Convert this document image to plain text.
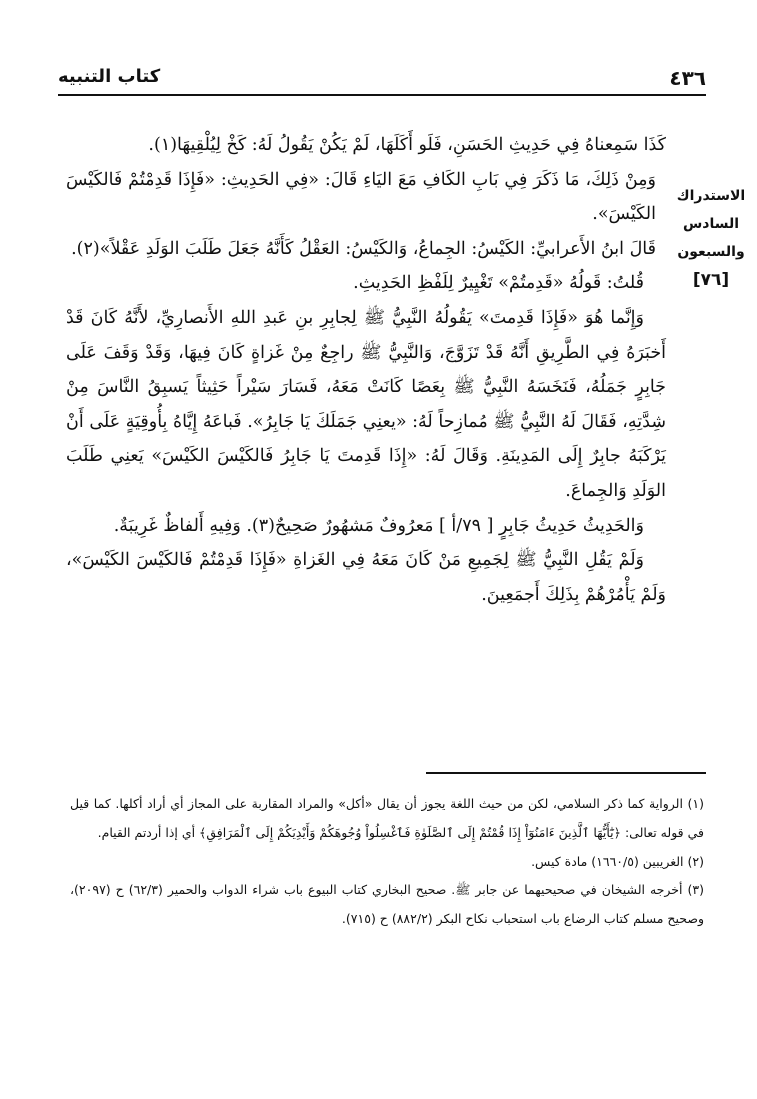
٤٣٦
كتاب التنبيه
الاستدراك
السادس
والسبعون
[٧٦]

كَذَا سَمِعناهُ فِي حَدِيثِ الحَسَنِ، فَلَو أَكَلَهَا، لَمْ يَكُنْ يَقُولُ لَهُ: كَخْ لِيُلْقِيهَا(١).

وَمِنْ ذَلِكَ، مَا ذَكَرَ فِي بَابِ الكَافِ مَعَ اليَاءِ قَالَ: «فِي الحَدِيثِ: «فَإِذَا قَدِمْتُمْ فَالكَيْسَ الكَيْسَ».

قَالَ ابنُ الأَعرابيِّ: الكَيْسُ: الجِماعُ، وَالكَيْسُ: العَقْلُ كَأَنَّهُ جَعَلَ طَلَبَ الوَلَدِ عَقْلاً»(٢).

قُلتُ: قَولُهُ «قَدِمتُمْ» تَغْيِيرٌ لِلَفْظِ الحَدِيثِ.

وَإِنَّما هُوَ «فَإِذَا قَدِمتَ» يَقُولُهُ النَّبِيُّ ﷺ لِجابِرِ بنِ عَبدِ اللهِ الأَنصارِيِّ، لأَنَّهُ كَانَ قَدْ أَخبَرَهُ فِي الطَّرِيقِ أَنَّهُ قَدْ تَزَوَّجَ، وَالنَّبِيُّ ﷺ راجِعٌ مِنْ غَزاةٍ كَانَ فِيهَا، وَقَدْ وَقَفَ عَلَى جَابِرٍ جَمَلُهُ، فَنَخَسَهُ النَّبِيُّ ﷺ بِعَصًا كَانَتْ مَعَهُ، فَسَارَ سَيْراً حَثِيثاً يَسبِقُ النَّاسَ مِنْ شِدَّتِهِ، فَقَالَ لَهُ النَّبِيُّ ﷺ مُمازِحاً لَهُ: «يعنِي جَمَلَكَ يَا جَابِرُ». فَباعَهُ إِيَّاهُ بِأُوقِيَةٍ عَلَى أَنْ يَرْكَبَهُ جابِرٌ إِلَى المَدِينَةِ. وَقَالَ لَهُ: «إِذَا قَدِمتَ يَا جَابِرُ فَالكَيْسَ الكَيْسَ» يَعنِي طَلَبَ الوَلَدِ وَالجِماعَ.

وَالحَدِيثُ حَدِيثُ جَابِرٍ [ ٧٩/أ ] مَعرُوفٌ مَشهُورٌ صَحِيحٌ(٣). وَفِيهِ أَلفاظٌ غَرِيبَةٌ.

وَلَمْ يَقُلِ النَّبِيُّ ﷺ لِجَمِيعِ مَنْ كَانَ مَعَهُ فِي الغَزاةِ «فَإِذَا قَدِمْتُمْ فَالكَيْسَ الكَيْسَ»، وَلَمْ يَأْمُرْهُمْ بِذَلِكَ أَجمَعِينَ.

(١) الرواية كما ذكر السلامي، لكن من حيث اللغة يجوز أن يقال «أكل» والمراد المقاربة على المجاز أي أراد أكلها. كما قيل في قوله تعالى: ﴿يَٰٓأَيُّهَا ٱلَّذِينَ ءَامَنُوٓاْ إِذَا قُمْتُمْ إِلَى ٱلصَّلَوٰةِ فَٱغْسِلُواْ وُجُوهَكُمْ وَأَيْدِيَكُمْ إِلَى ٱلْمَرَافِقِ﴾ أي إذا أردتم القيام.

(٢) الغريبين (١٦٦٠/٥) مادة كيس.

(٣) أخرجه الشيخان في صحيحيهما عن جابر ﷺ. صحيح البخاري كتاب البيوع باب شراء الدواب والحمير (٦٢/٣) ح (٢٠٩٧)، وصحيح مسلم كتاب الرضاع باب استحباب نكاح البكر (٨٨٢/٢) ح (٧١٥).
